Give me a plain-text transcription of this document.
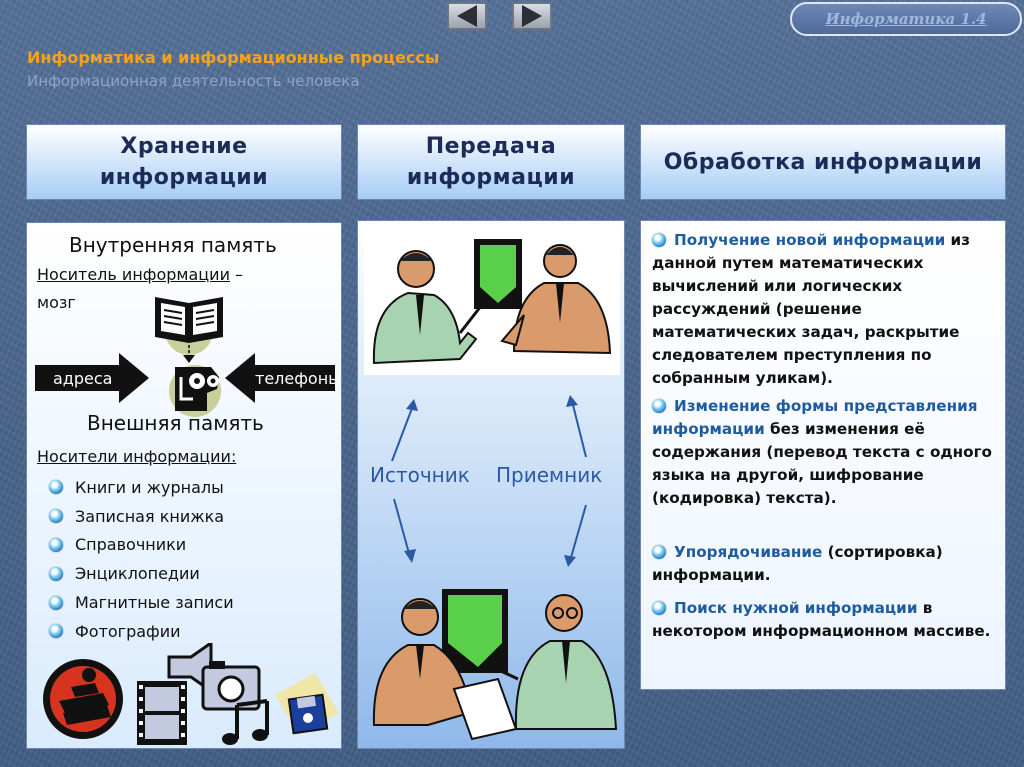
Информатика 1.4
Информатика и информационные процессы
Информационная деятельность человека
Хранение
информации
Передача
информации
Обработка информации
Внутренняя память
Носитель информации –
мозг
адреса	телефоны
Внешняя память
Носители информации:
Книги и журналы
Записная книжка
Справочники
Энциклопедии
Магнитные записи
Фотографии
Источник Приемник
Получение новой информации из данной путем математических вычислений или логических рассуждений (решение математических задач, раскрытие следователем преступления по собранным уликам).
Изменение формы представления информации без изменения её содержания (перевод текста с одного языка на другой, шифрование (кодировка) текста).
Упорядочивание (сортировка) информации.
Поиск нужной информации в некотором информационном массиве.
